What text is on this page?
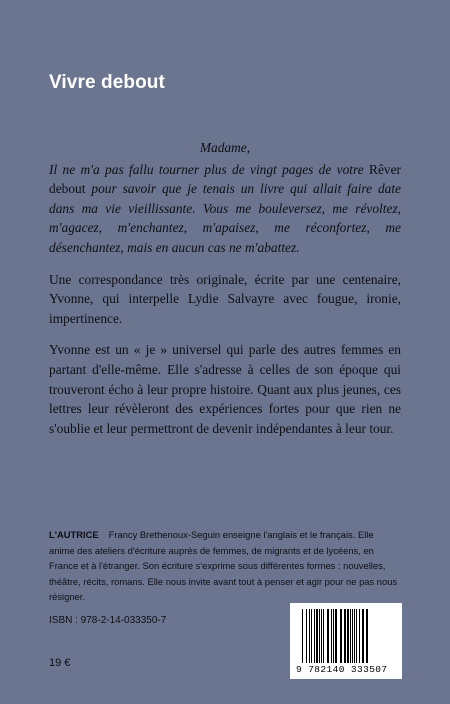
Vivre debout

Madame,

Il ne m'a pas fallu tourner plus de vingt pages de votre Rêver debout pour savoir que je tenais un livre qui allait faire date dans ma vie vieillissante. Vous me bouleversez, me révoltez, m'agacez, m'enchantez, m'apaisez, me réconfortez, me désenchantez, mais en aucun cas ne m'abattez.

Une correspondance très originale, écrite par une centenaire, Yvonne, qui interpelle Lydie Salvayre avec fougue, ironie, impertinence.

Yvonne est un « je » universel qui parle des autres femmes en partant d'elle-même. Elle s'adresse à celles de son époque qui trouveront écho à leur propre histoire. Quant aux plus jeunes, ces lettres leur révèleront des expériences fortes pour que rien ne s'oublie et leur permettront de devenir indépendantes à leur tour.

L'AUTRICE Francy Brethenoux-Seguin enseigne l'anglais et le français. Elle anime des ateliers d'écriture auprès de femmes, de migrants et de lycéens, en France et à l'étranger. Son écriture s'exprime sous différentes formes : nouvelles, théâtre, récits, romans. Elle nous invite avant tout à penser et agir pour ne pas nous résigner.
ISBN : 978-2-14-033350-7
19 €
9 782140 333507
